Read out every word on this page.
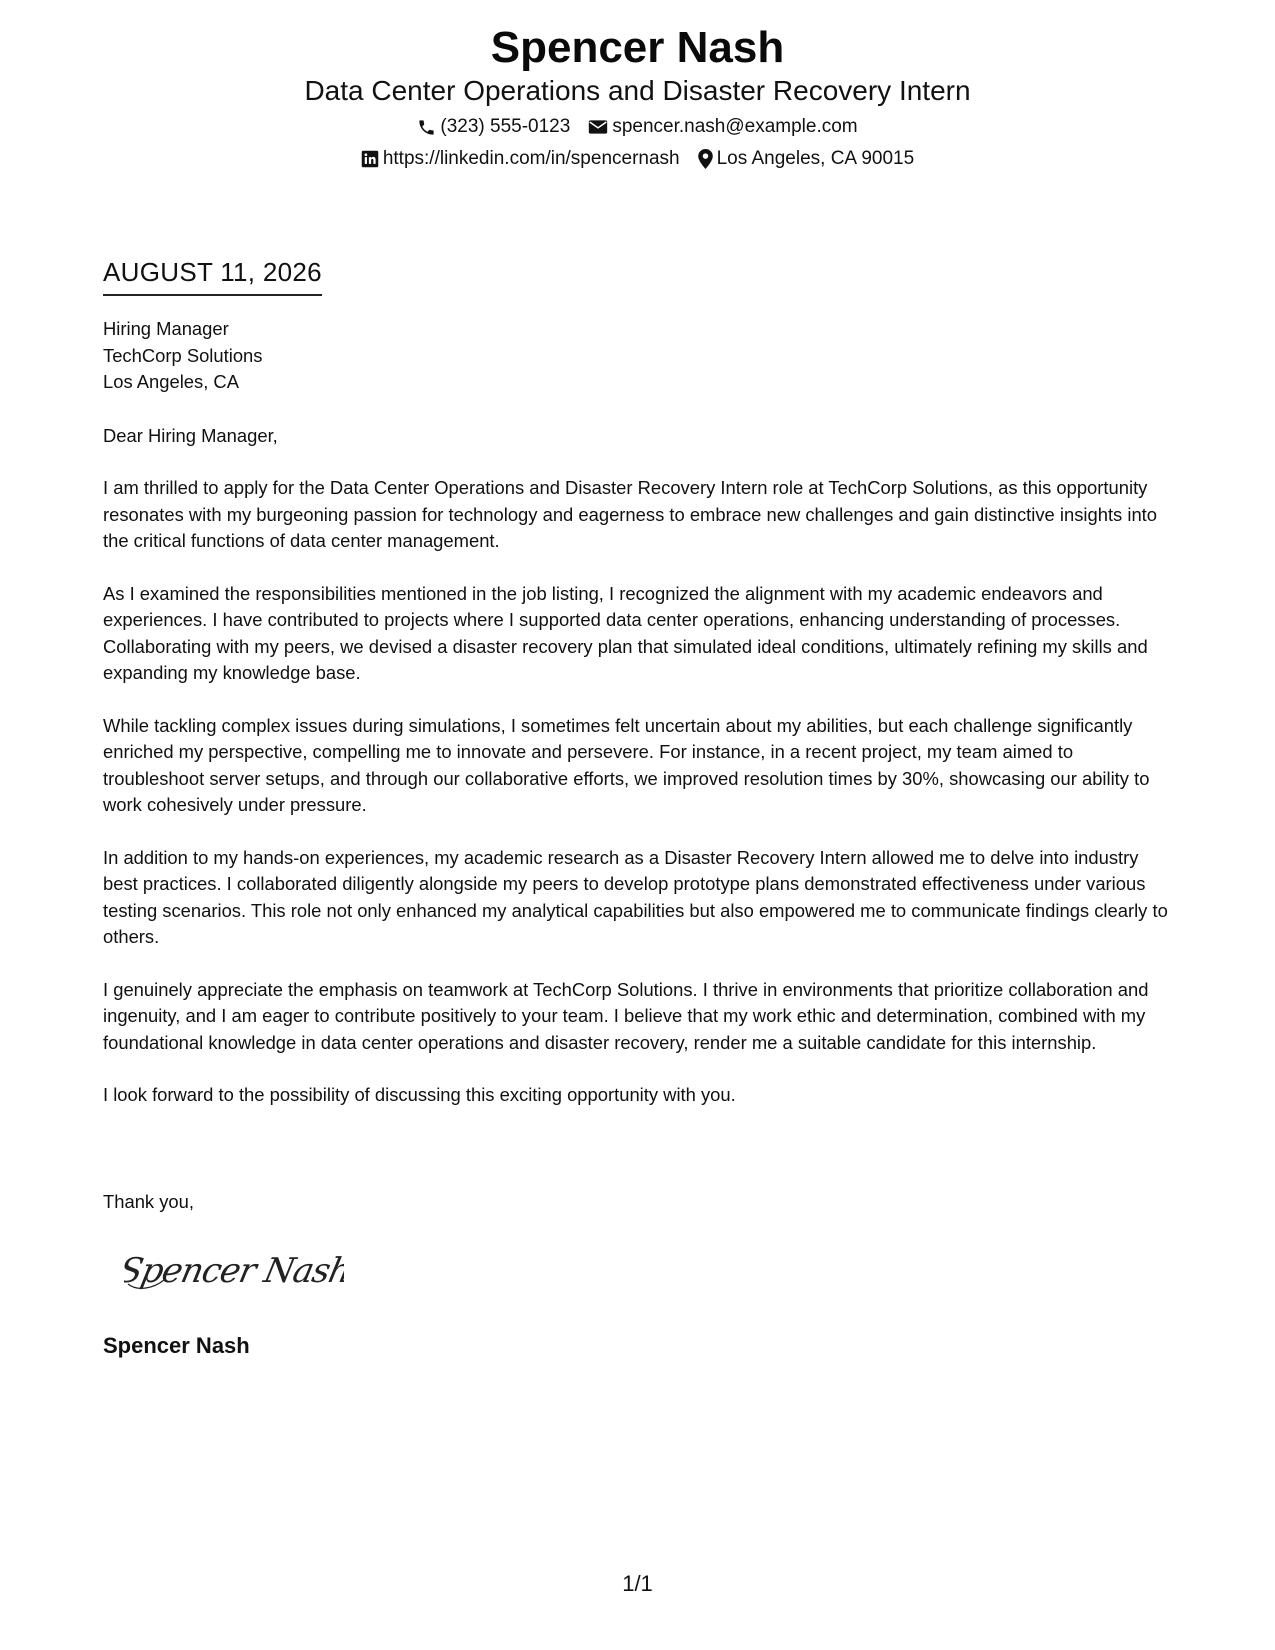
Spencer Nash
Data Center Operations and Disaster Recovery Intern
(323) 555-0123 spencer.nash@example.com
https://linkedin.com/in/spencernash Los Angeles, CA 90015
AUGUST 11, 2026
Hiring Manager
TechCorp Solutions
Los Angeles, CA
Dear Hiring Manager,
I am thrilled to apply for the Data Center Operations and Disaster Recovery Intern role at TechCorp Solutions, as this opportunity resonates with my burgeoning passion for technology and eagerness to embrace new challenges and gain distinctive insights into the critical functions of data center management.
As I examined the responsibilities mentioned in the job listing, I recognized the alignment with my academic endeavors and experiences. I have contributed to projects where I supported data center operations, enhancing understanding of processes. Collaborating with my peers, we devised a disaster recovery plan that simulated ideal conditions, ultimately refining my skills and expanding my knowledge base.
While tackling complex issues during simulations, I sometimes felt uncertain about my abilities, but each challenge significantly enriched my perspective, compelling me to innovate and persevere. For instance, in a recent project, my team aimed to troubleshoot server setups, and through our collaborative efforts, we improved resolution times by 30%, showcasing our ability to work cohesively under pressure.
In addition to my hands-on experiences, my academic research as a Disaster Recovery Intern allowed me to delve into industry best practices. I collaborated diligently alongside my peers to develop prototype plans demonstrated effectiveness under various testing scenarios. This role not only enhanced my analytical capabilities but also empowered me to communicate findings clearly to others.
I genuinely appreciate the emphasis on teamwork at TechCorp Solutions. I thrive in environments that prioritize collaboration and ingenuity, and I am eager to contribute positively to your team. I believe that my work ethic and determination, combined with my foundational knowledge in data center operations and disaster recovery, render me a suitable candidate for this internship.
I look forward to the possibility of discussing this exciting opportunity with you.
Thank you,
Spencer Nash
Spencer Nash
1/1
